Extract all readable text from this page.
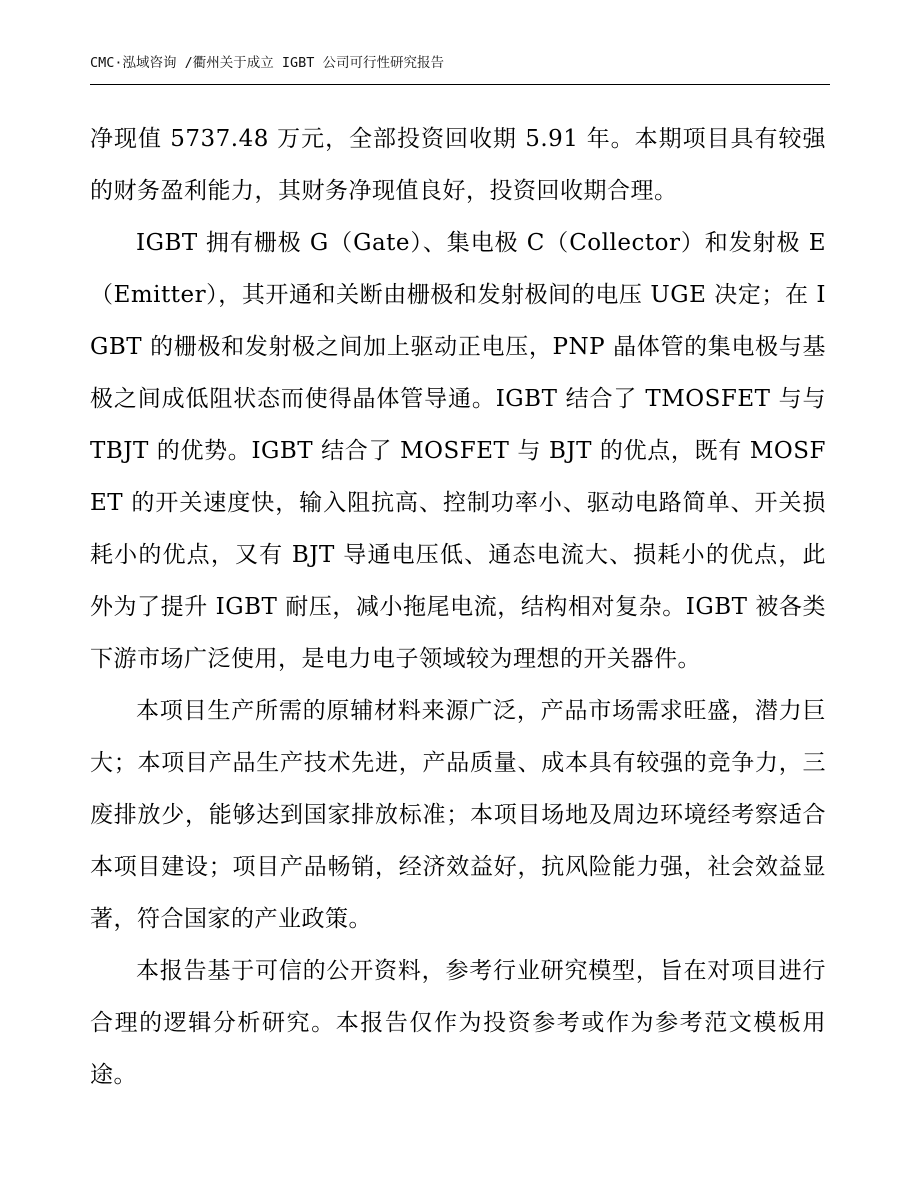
CMC·泓域咨询 /衢州关于成立 IGBT 公司可行性研究报告

净现值 5737.48 万元，全部投资回收期 5.91 年。本期项目具有较强的财务盈利能力，其财务净现值良好，投资回收期合理。

IGBT 拥有栅极 G（Gate）、集电极 C（Collector）和发射极 E（Emitter），其开通和关断由栅极和发射极间的电压 UGE 决定；在 IGBT 的栅极和发射极之间加上驱动正电压，PNP 晶体管的集电极与基极之间成低阻状态而使得晶体管导通。IGBT 结合了 TMOSFET 与与 TBJT 的优势。IGBT 结合了 MOSFET 与 BJT 的优点，既有 MOSFET 的开关速度快，输入阻抗高、控制功率小、驱动电路简单、开关损耗小的优点，又有 BJT 导通电压低、通态电流大、损耗小的优点，此外为了提升 IGBT 耐压，减小拖尾电流，结构相对复杂。IGBT 被各类下游市场广泛使用，是电力电子领域较为理想的开关器件。

本项目生产所需的原辅材料来源广泛，产品市场需求旺盛，潜力巨大；本项目产品生产技术先进，产品质量、成本具有较强的竞争力，三废排放少，能够达到国家排放标准；本项目场地及周边环境经考察适合本项目建设；项目产品畅销，经济效益好，抗风险能力强，社会效益显著，符合国家的产业政策。

本报告基于可信的公开资料，参考行业研究模型，旨在对项目进行合理的逻辑分析研究。本报告仅作为投资参考或作为参考范文模板用途。
